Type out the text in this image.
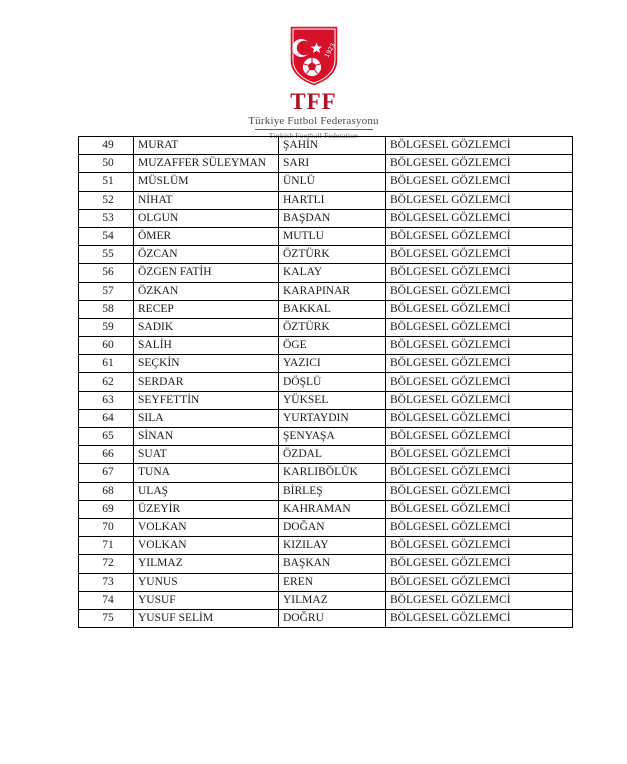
1923
TFF
Türkiye Futbol Federasyonu
Turkish Football Federation
49	MURAT	ŞAHİN	BÖLGESEL GÖZLEMCİ
50	MUZAFFER SÜLEYMAN	SARI	BÖLGESEL GÖZLEMCİ
51	MÜSLÜM	ÜNLÜ	BÖLGESEL GÖZLEMCİ
52	NİHAT	HARTLI	BÖLGESEL GÖZLEMCİ
53	OLGUN	BAŞDAN	BÖLGESEL GÖZLEMCİ
54	ÖMER	MUTLU	BÖLGESEL GÖZLEMCİ
55	ÖZCAN	ÖZTÜRK	BÖLGESEL GÖZLEMCİ
56	ÖZGEN FATİH	KALAY	BÖLGESEL GÖZLEMCİ
57	ÖZKAN	KARAPINAR	BÖLGESEL GÖZLEMCİ
58	RECEP	BAKKAL	BÖLGESEL GÖZLEMCİ
59	SADIK	ÖZTÜRK	BÖLGESEL GÖZLEMCİ
60	SALİH	ÖGE	BÖLGESEL GÖZLEMCİ
61	SEÇKİN	YAZICI	BÖLGESEL GÖZLEMCİ
62	SERDAR	DÖŞLÜ	BÖLGESEL GÖZLEMCİ
63	SEYFETTİN	YÜKSEL	BÖLGESEL GÖZLEMCİ
64	SILA	YURTAYDIN	BÖLGESEL GÖZLEMCİ
65	SİNAN	ŞENYAŞA	BÖLGESEL GÖZLEMCİ
66	SUAT	ÖZDAL	BÖLGESEL GÖZLEMCİ
67	TUNA	KARLIBÖLÜK	BÖLGESEL GÖZLEMCİ
68	ULAŞ	BİRLEŞ	BÖLGESEL GÖZLEMCİ
69	ÜZEYİR	KAHRAMAN	BÖLGESEL GÖZLEMCİ
70	VOLKAN	DOĞAN	BÖLGESEL GÖZLEMCİ
71	VOLKAN	KIZILAY	BÖLGESEL GÖZLEMCİ
72	YILMAZ	BAŞKAN	BÖLGESEL GÖZLEMCİ
73	YUNUS	EREN	BÖLGESEL GÖZLEMCİ
74	YUSUF	YILMAZ	BÖLGESEL GÖZLEMCİ
75	YUSUF SELİM	DOĞRU	BÖLGESEL GÖZLEMCİ
